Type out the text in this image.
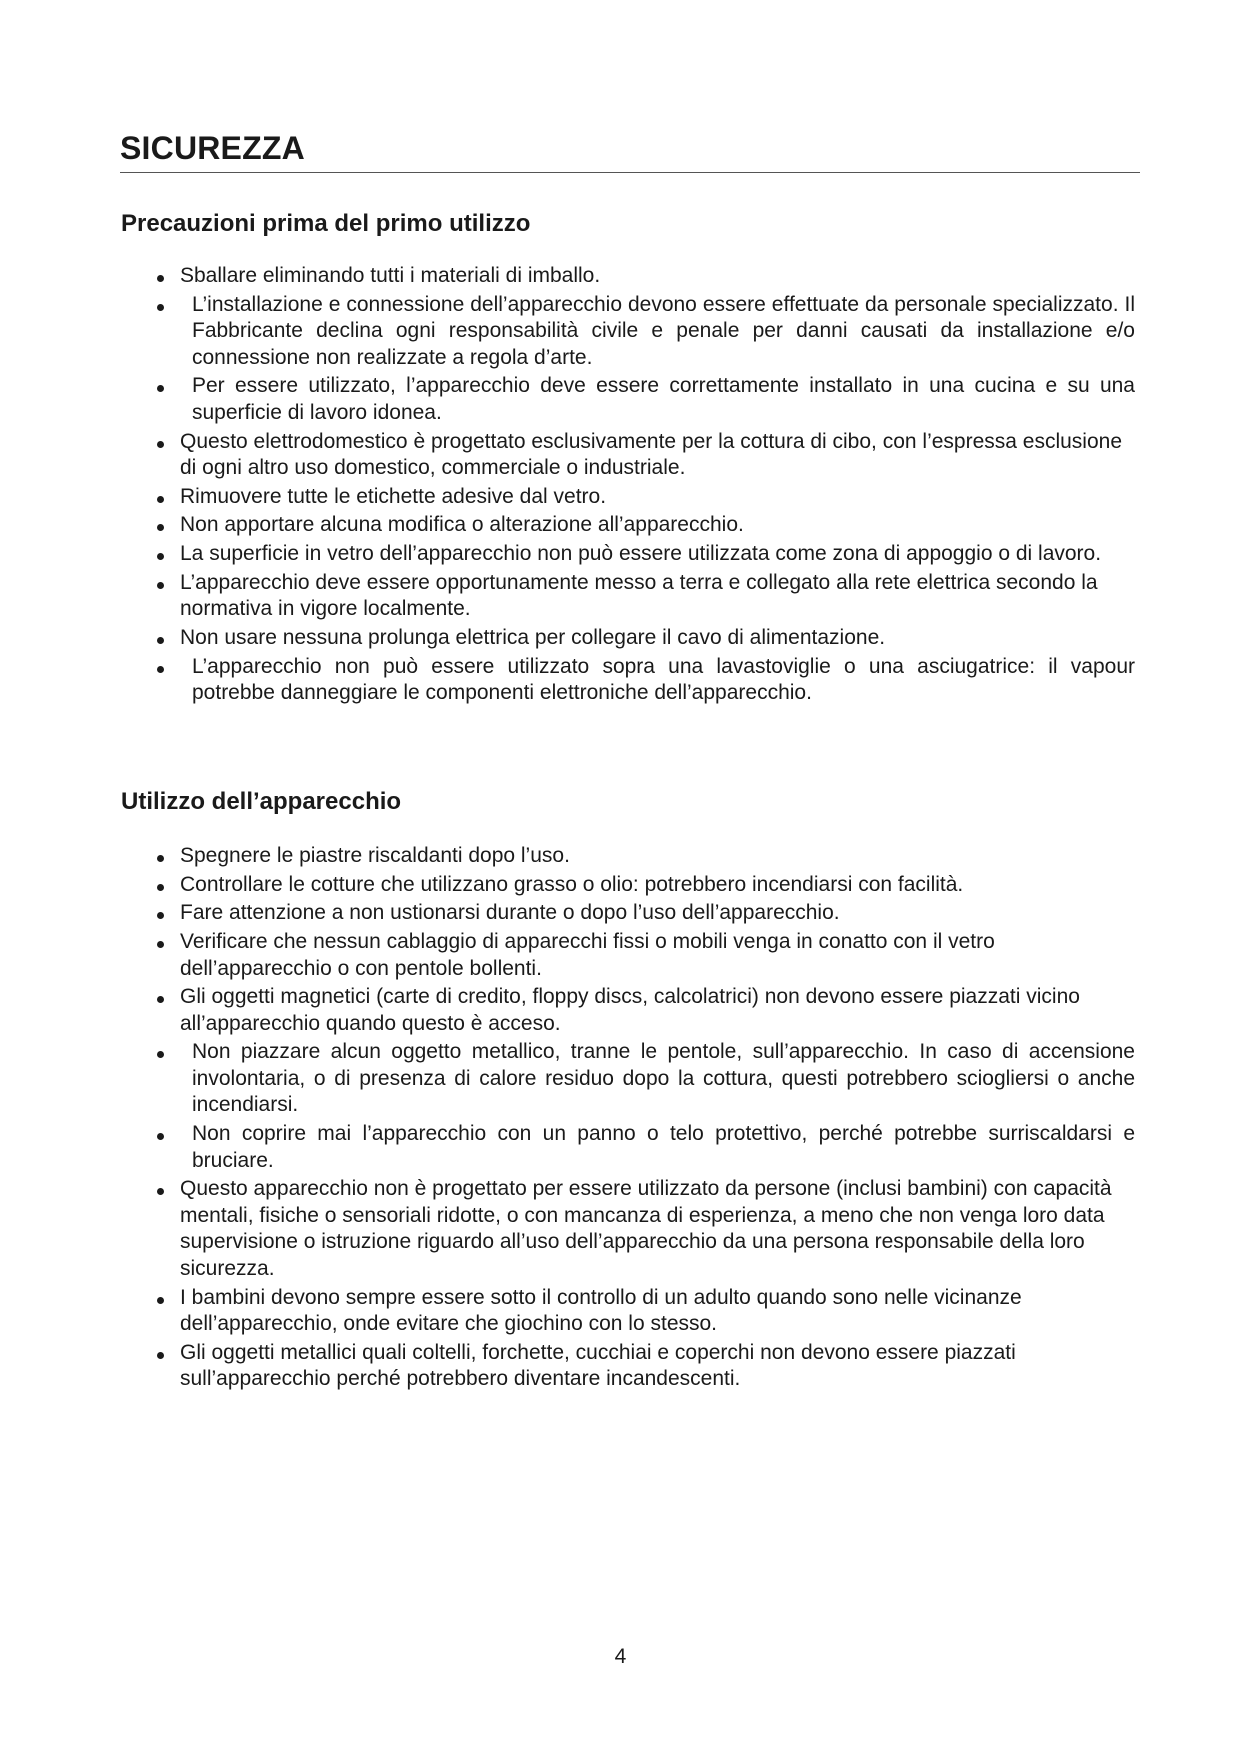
SICUREZZA
Precauzioni prima del primo utilizzo
Sballare eliminando tutti i materiali di imballo.
L’installazione e connessione dell’apparecchio devono essere effettuate da personale specializzato. Il Fabbricante declina ogni responsabilità civile e penale per danni causati da installazione e/o connessione non realizzate a regola d’arte.
Per essere utilizzato, l’apparecchio deve essere correttamente installato in una cucina e su una superficie di lavoro idonea.
Questo elettrodomestico è progettato esclusivamente per la cottura di cibo, con l’espressa esclusione di ogni altro uso domestico, commerciale o industriale.
Rimuovere tutte le etichette adesive dal vetro.
Non apportare alcuna modifica o alterazione all’apparecchio.
La superficie in vetro dell’apparecchio non può essere utilizzata come zona di appoggio o di lavoro.
L’apparecchio deve essere opportunamente messo a terra e collegato alla rete elettrica secondo la normativa in vigore localmente.
Non usare nessuna prolunga elettrica per collegare il cavo di alimentazione.
L’apparecchio non può essere utilizzato sopra una lavastoviglie o una asciugatrice: il vapour potrebbe danneggiare le componenti elettroniche dell’apparecchio.
Utilizzo dell’apparecchio
Spegnere le piastre riscaldanti dopo l’uso.
Controllare le cotture che utilizzano grasso o olio: potrebbero incendiarsi con facilità.
Fare attenzione a non ustionarsi durante o dopo l’uso dell’apparecchio.
Verificare che nessun cablaggio di apparecchi fissi o mobili venga in conatto con il vetro dell’apparecchio o con pentole bollenti.
Gli oggetti magnetici (carte di credito, floppy discs, calcolatrici) non devono essere piazzati vicino all’apparecchio quando questo è acceso.
Non piazzare alcun oggetto metallico, tranne le pentole, sull’apparecchio. In caso di accensione involontaria, o di presenza di calore residuo dopo la cottura, questi potrebbero sciogliersi o anche incendiarsi.
Non coprire mai l’apparecchio con un panno o telo protettivo, perché potrebbe surriscaldarsi e bruciare.
Questo apparecchio non è progettato per essere utilizzato da persone (inclusi bambini) con capacità mentali, fisiche o sensoriali ridotte, o con mancanza di esperienza, a meno che non venga loro data supervisione o istruzione riguardo all’uso dell’apparecchio da una persona responsabile della loro sicurezza.
I bambini devono sempre essere sotto il controllo di un adulto quando sono nelle vicinanze dell’apparecchio, onde evitare che giochino con lo stesso.
Gli oggetti metallici quali coltelli, forchette, cucchiai e coperchi non devono essere piazzati sull’apparecchio perché potrebbero diventare incandescenti.
4
